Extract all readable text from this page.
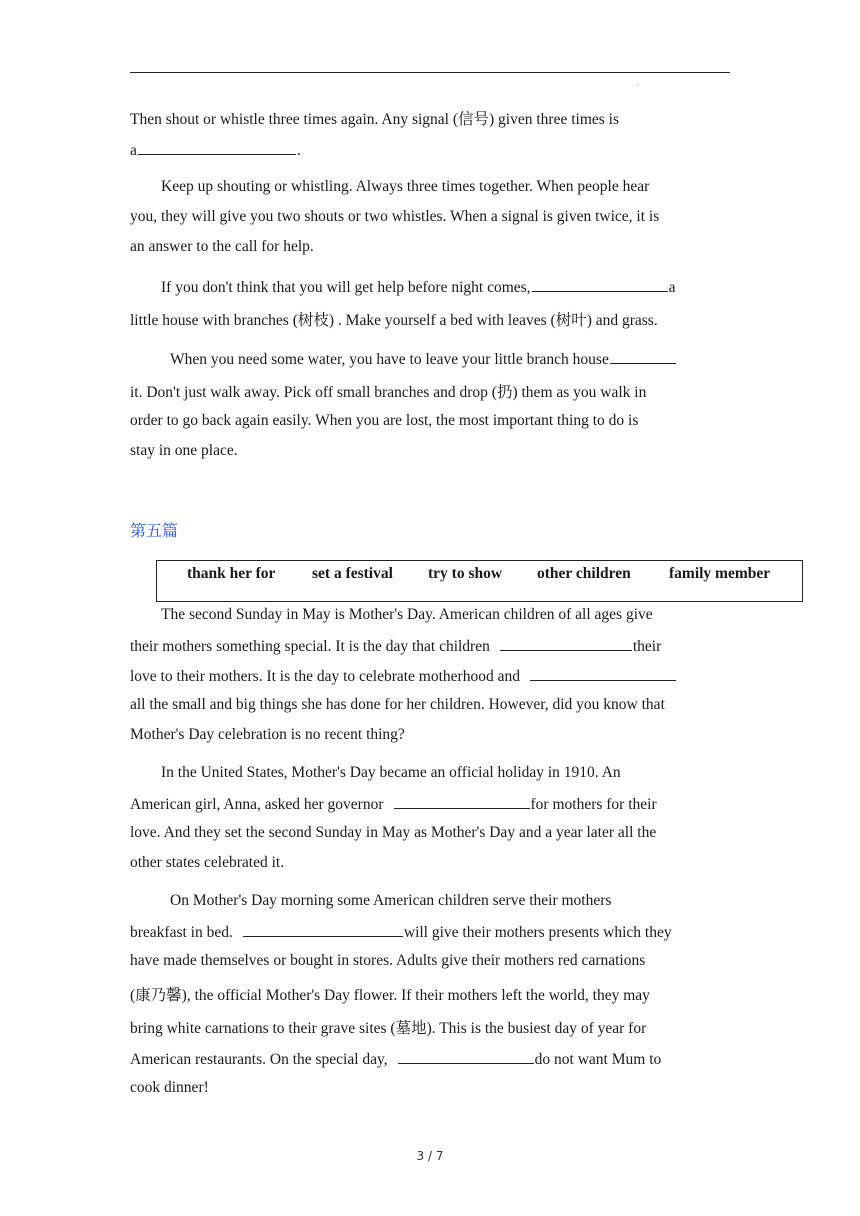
·
Then shout or whistle three times again. Any signal (信号) given three times is
a	.
Keep up shouting or whistling. Always three times together. When people hear
you, they will give you two shouts or two whistles. When a signal is given twice, it is
an answer to the call for help.
If you don't think that you will get help before night comes,	a
little house with branches (树枝) . Make yourself a bed with leaves (树叶) and grass.
When you need some water, you have to leave your little branch house
it. Don't just walk away. Pick off small branches and drop (扔) them as you walk in
order to go back again easily. When you are lost, the most important thing to do is
stay in one place.
第五篇
thank her for set a festival try to show other children family member
The second Sunday in May is Mother's Day. American children of all ages give
their mothers something special. It is the day that children	their
love to their mothers. It is the day to celebrate motherhood and
all the small and big things she has done for her children. However, did you know that
Mother's Day celebration is no recent thing?
In the United States, Mother's Day became an official holiday in 1910. An
American girl, Anna, asked her governor	for mothers for their
love. And they set the second Sunday in May as Mother's Day and a year later all the
other states celebrated it.
On Mother's Day morning some American children serve their mothers
breakfast in bed.	will give their mothers presents which they
have made themselves or bought in stores. Adults give their mothers red carnations
(康乃馨), the official Mother's Day flower. If their mothers left the world, they may
bring white carnations to their grave sites (墓地). This is the busiest day of year for
American restaurants. On the special day,	do not want Mum to
cook dinner!
3 / 7
